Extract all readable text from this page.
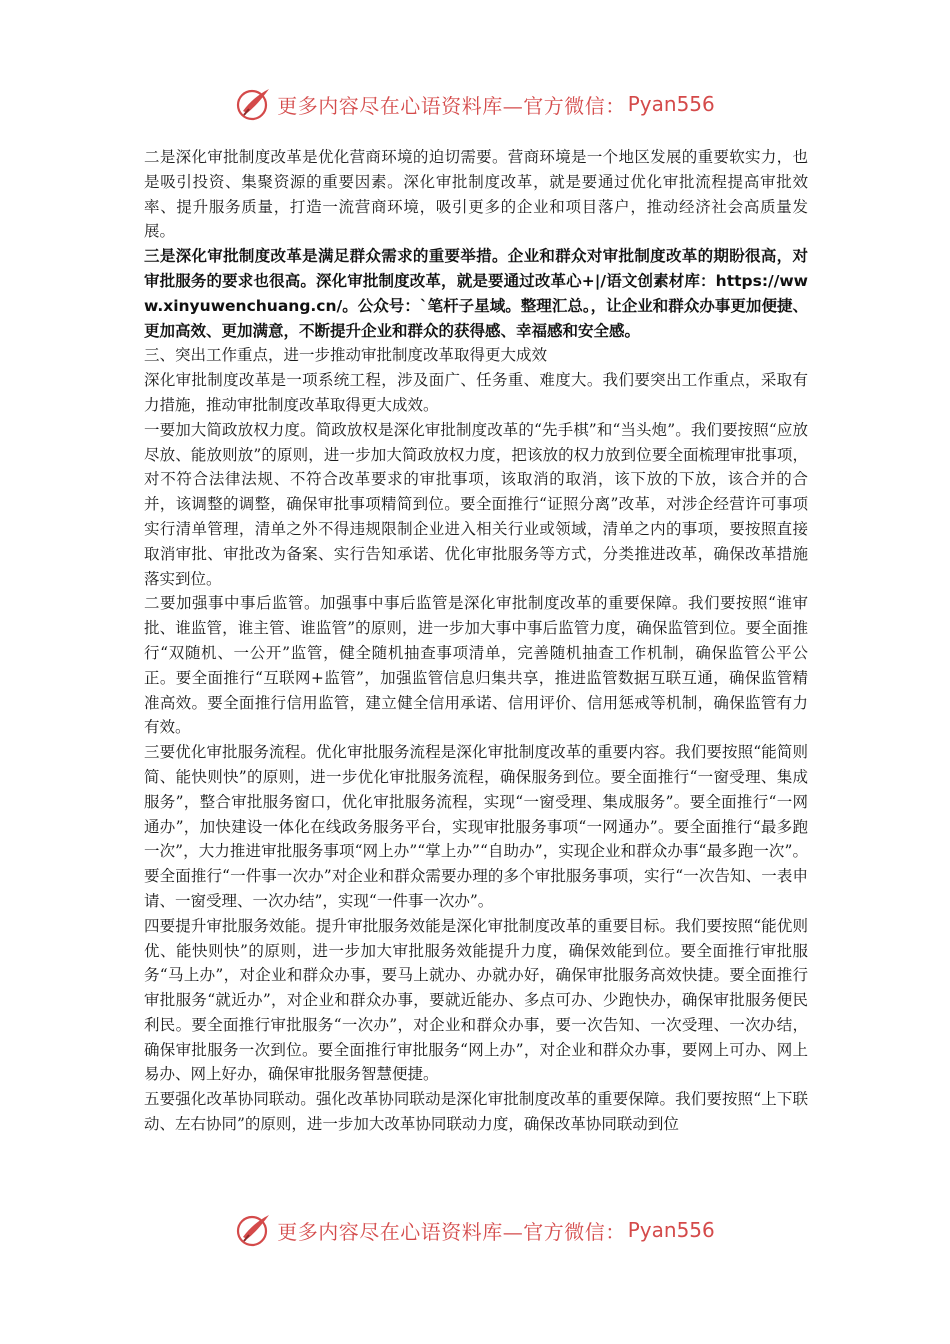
更多内容尽在心语资料库—官方微信： Pyan556

二是深化审批制度改革是优化营商环境的迫切需要。营商环境是一个地区发展的重要软实力，也是吸引投资、集聚资源的重要因素。深化审批制度改革，就是要通过优化审批流程提高审批效率、提升服务质量，打造一流营商环境，吸引更多的企业和项目落户，推动经济社会高质量发展。

三是深化审批制度改革是满足群众需求的重要举措。企业和群众对审批制度改革的期盼很高，对审批服务的要求也很高。深化审批制度改革，就是要通过改革心+|/语文创素材库：https://www.xinyuwenchuang.cn/。公众号：`笔杆子星域。整理汇总。，让企业和群众办事更加便捷、更加高效、更加满意，不断提升企业和群众的获得感、幸福感和安全感。

三、突出工作重点，进一步推动审批制度改革取得更大成效

深化审批制度改革是一项系统工程，涉及面广、任务重、难度大。我们要突出工作重点，采取有力措施，推动审批制度改革取得更大成效。

一要加大简政放权力度。简政放权是深化审批制度改革的“先手棋”和“当头炮”。我们要按照“应放尽放、能放则放”的原则，进一步加大简政放权力度，把该放的权力放到位要全面梳理审批事项，对不符合法律法规、不符合改革要求的审批事项，该取消的取消，该下放的下放，该合并的合并，该调整的调整，确保审批事项精简到位。要全面推行“证照分离”改革，对涉企经营许可事项实行清单管理，清单之外不得违规限制企业进入相关行业或领域，清单之内的事项，要按照直接取消审批、审批改为备案、实行告知承诺、优化审批服务等方式，分类推进改革，确保改革措施落实到位。

二要加强事中事后监管。加强事中事后监管是深化审批制度改革的重要保障。我们要按照“谁审批、谁监管，谁主管、谁监管”的原则，进一步加大事中事后监管力度，确保监管到位。要全面推行“双随机、一公开”监管，健全随机抽查事项清单，完善随机抽查工作机制，确保监管公平公正。要全面推行“互联网+监管”，加强监管信息归集共享，推进监管数据互联互通，确保监管精准高效。要全面推行信用监管，建立健全信用承诺、信用评价、信用惩戒等机制，确保监管有力有效。

三要优化审批服务流程。优化审批服务流程是深化审批制度改革的重要内容。我们要按照“能简则简、能快则快”的原则，进一步优化审批服务流程，确保服务到位。要全面推行“一窗受理、集成服务”，整合审批服务窗口，优化审批服务流程，实现“一窗受理、集成服务”。要全面推行“一网通办”，加快建设一体化在线政务服务平台，实现审批服务事项“一网通办”。要全面推行“最多跑一次”，大力推进审批服务事项“网上办”“掌上办”“自助办”，实现企业和群众办事“最多跑一次”。要全面推行“一件事一次办”对企业和群众需要办理的多个审批服务事项，实行“一次告知、一表申请、一窗受理、一次办结”，实现“一件事一次办”。

四要提升审批服务效能。提升审批服务效能是深化审批制度改革的重要目标。我们要按照“能优则优、能快则快”的原则，进一步加大审批服务效能提升力度，确保效能到位。要全面推行审批服务“马上办”，对企业和群众办事，要马上就办、办就办好，确保审批服务高效快捷。要全面推行审批服务“就近办”，对企业和群众办事，要就近能办、多点可办、少跑快办，确保审批服务便民利民。要全面推行审批服务“一次办”，对企业和群众办事，要一次告知、一次受理、一次办结，确保审批服务一次到位。要全面推行审批服务“网上办”，对企业和群众办事，要网上可办、网上易办、网上好办，确保审批服务智慧便捷。

五要强化改革协同联动。强化改革协同联动是深化审批制度改革的重要保障。我们要按照“上下联动、左右协同”的原则，进一步加大改革协同联动力度，确保改革协同联动到位

更多内容尽在心语资料库—官方微信： Pyan556
